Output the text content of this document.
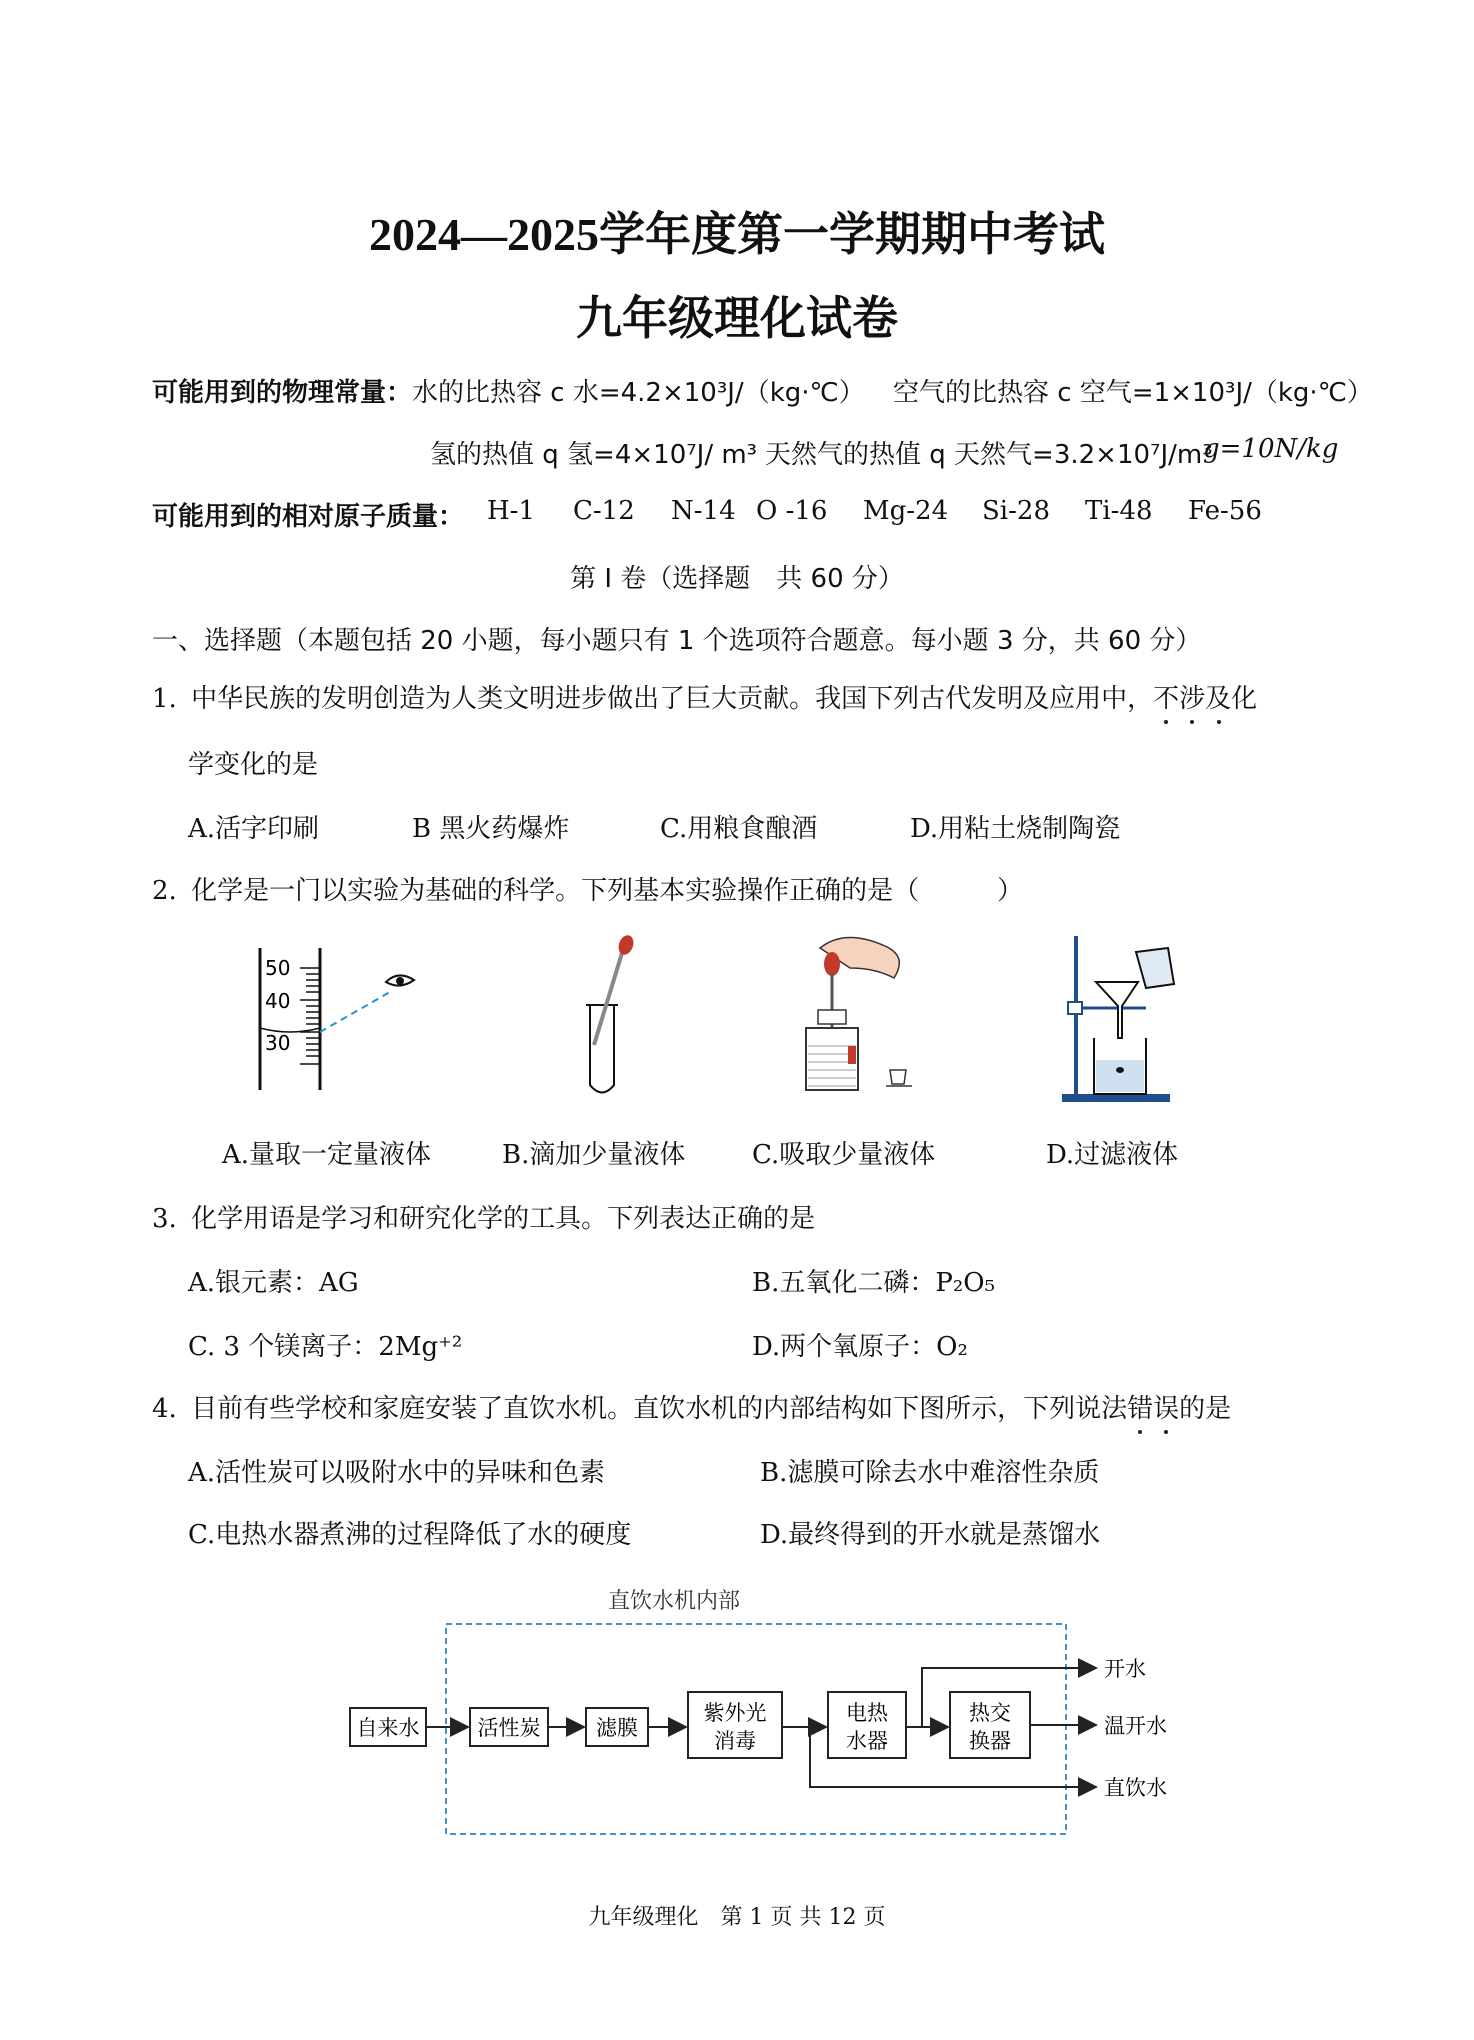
2024—2025学年度第一学期期中考试
九年级理化试卷
可能用到的物理常量：水的比热容 c 水=4.2×10³J/（kg·℃） 空气的比热容 c 空气=1×10³J/（kg·℃）
氢的热值 q 氢=4×10⁷J/ m³ 天然气的热值 q 天然气=3.2×10⁷J/m³
g=10N/kg
可能用到的相对原子质量： H-1 C-12 N-14 O -16 Mg-24 Si-28 Ti-48 Fe-56
第 I 卷（选择题　共 60 分）
一、选择题（本题包括 20 小题，每小题只有 1 个选项符合题意。每小题 3 分，共 60 分）
1. 中华民族的发明创造为人类文明进步做出了巨大贡献。我国下列古代发明及应用中，不涉及
化
学变化的是
A.活字印刷	B 黑火药爆炸	C.用粮食酿酒	D.用粘土烧制陶瓷
2. 化学是一门以实验为基础的科学。下列基本实验操作正确的是（　　　）
50
40
30
A.量取一定量液体	B.滴加少量液体	C.吸取少量液体	D.过滤液体
3. 化学用语是学习和研究化学的工具。下列表达正确的是
A.银元素：AG	B.五氧化二磷：P₂O₅
C. 3 个镁离子：2Mg⁺²	D.两个氧原子：O₂
4. 目前有些学校和家庭安装了直饮水机。直饮水机的内部结构如下图所示，下列说法错误
的是
A.活性炭可以吸附水中的异味和色素	B.滤膜可除去水中难溶性杂质
C.电热水器煮沸的过程降低了水的硬度	D.最终得到的开水就是蒸馏水
直饮水机内部
自来水	活性炭	滤膜
紫外光
消毒
电热
水器
热交
换器
开水
温开水
直饮水
九年级理化　第 1 页 共 12 页
